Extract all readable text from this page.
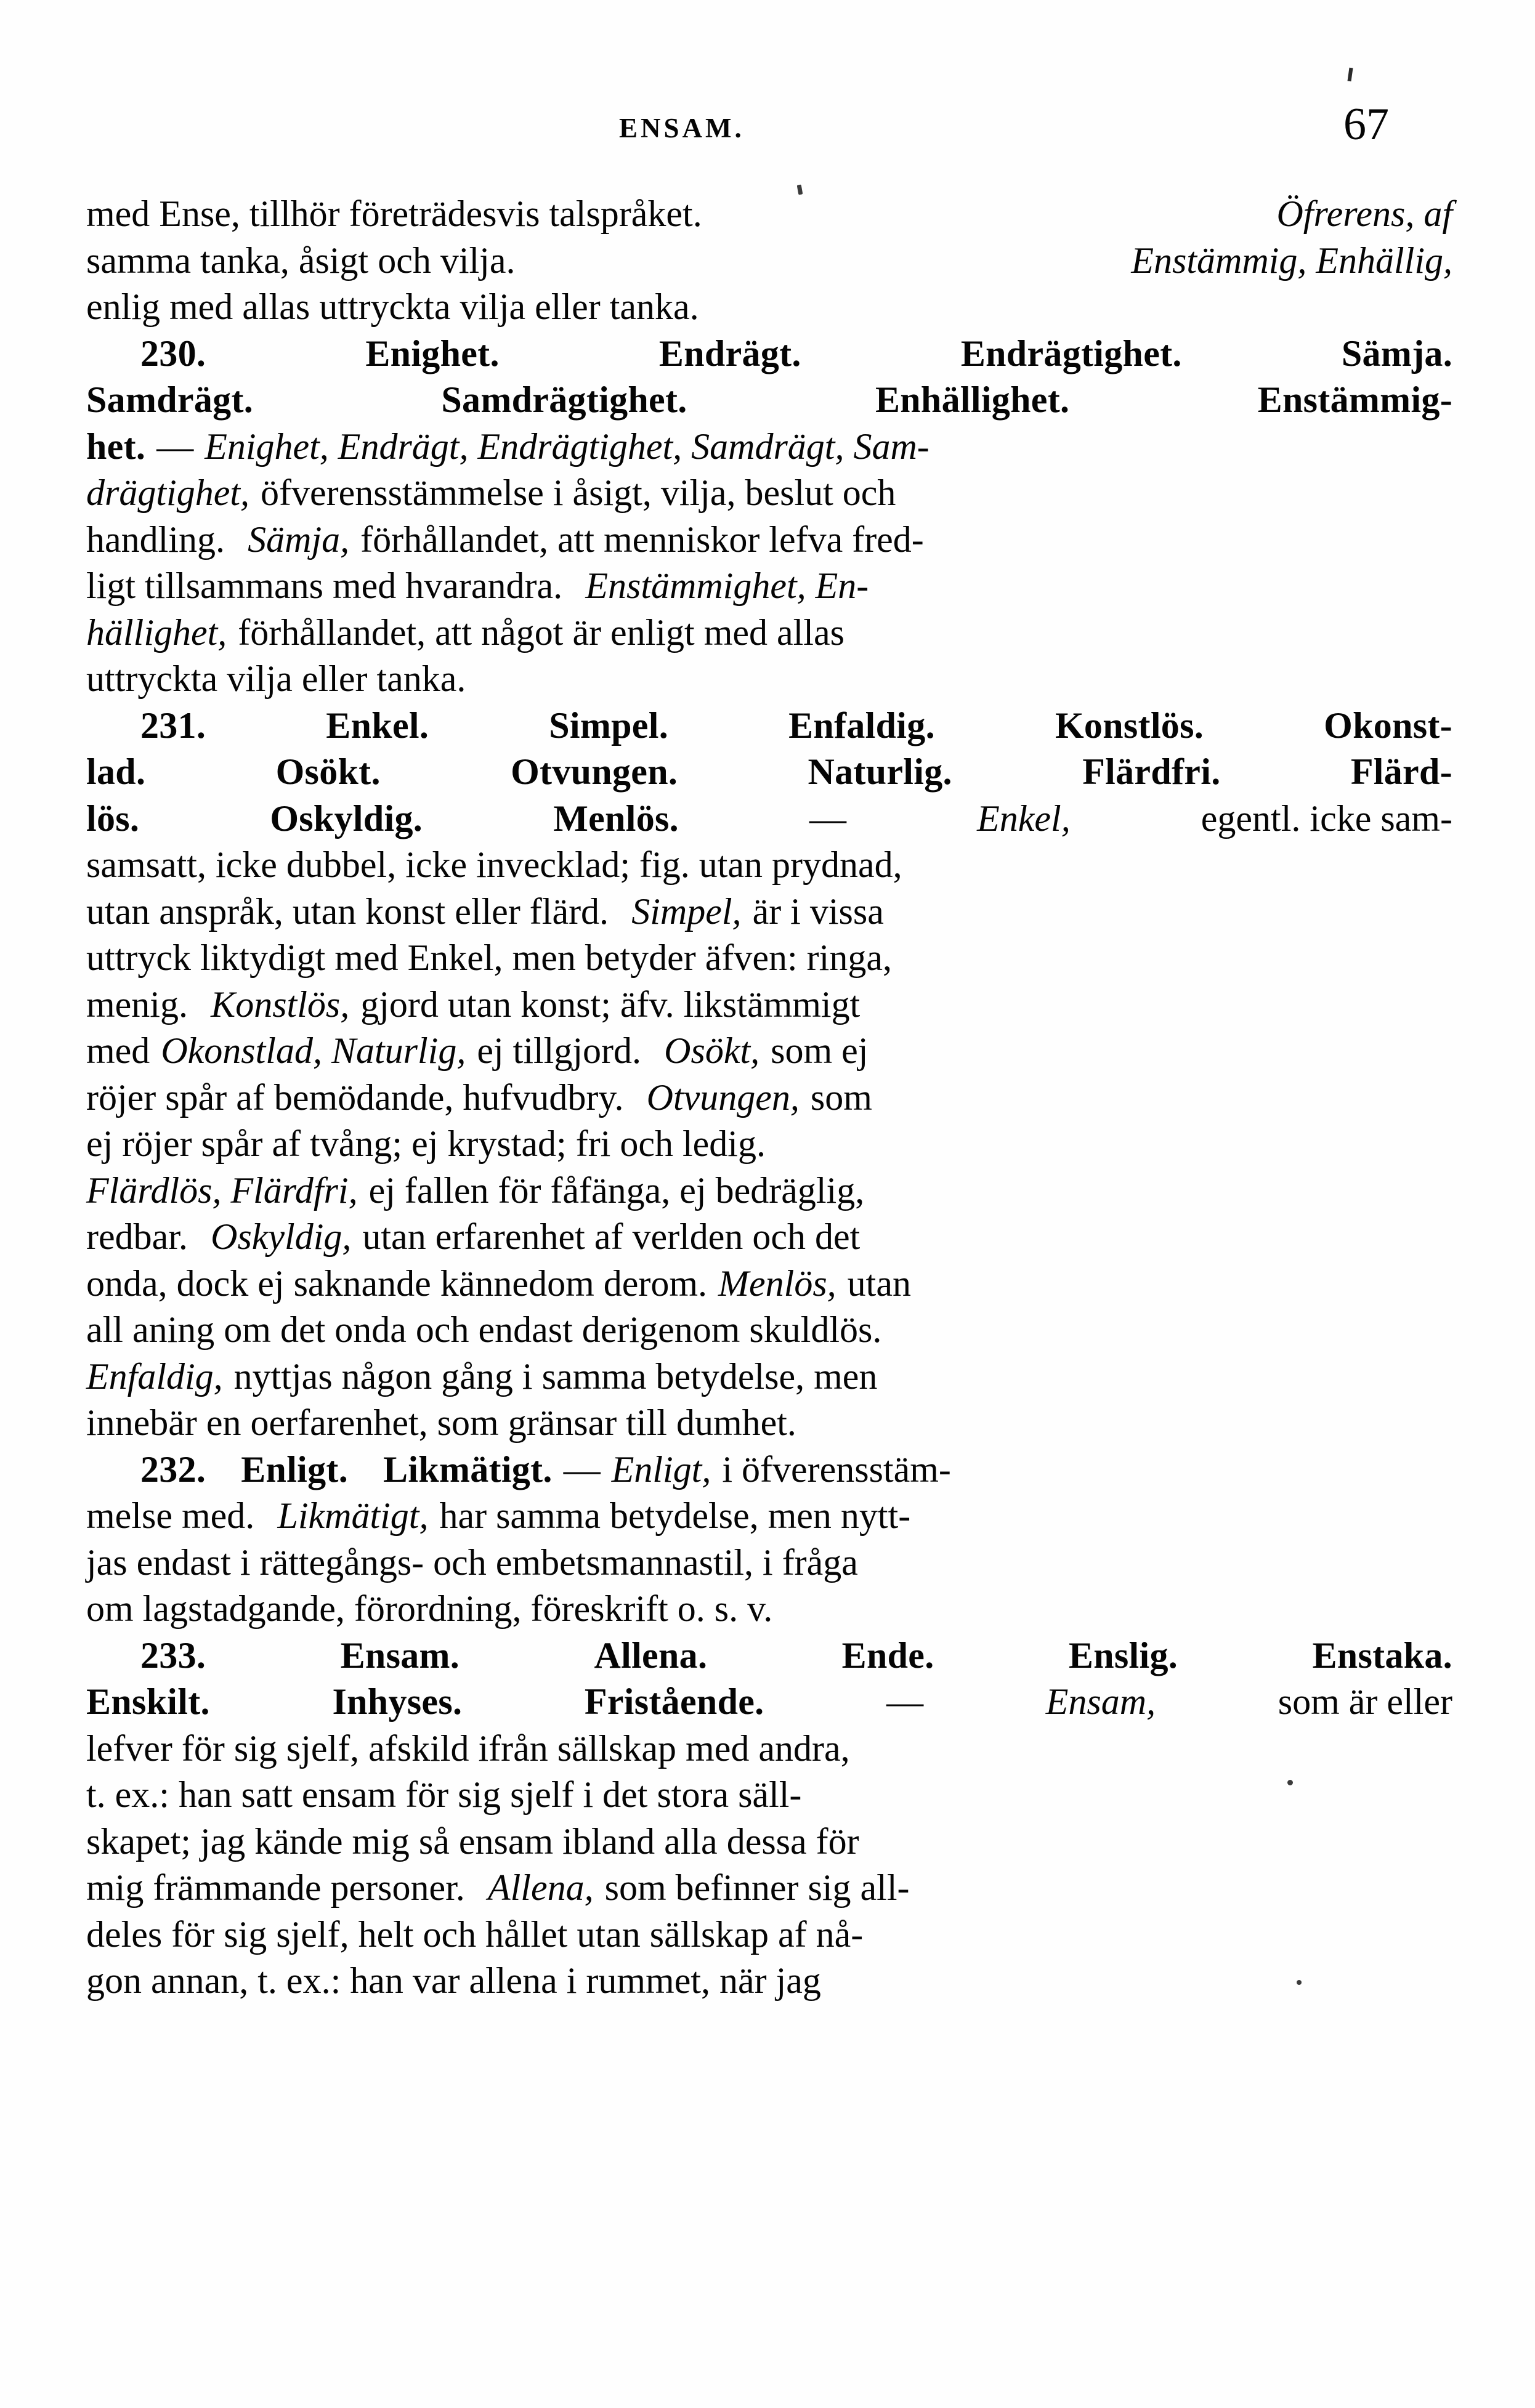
ENSAM.	67
med Ense, tillhör företrädesvis talspråket.	Öfrerens, af
samma tanka, åsigt och vilja.	Enstämmig, Enhällig,
enlig med allas uttryckta vilja eller tanka.
230.	Enighet.	Endrägt.	Endrägtighet.	Sämja.
Samdrägt.	Samdrägtighet.	Enhällighet.	Enstämmig-
het. — Enighet, Endrägt, Endrägtighet, Samdrägt, Sam-
drägtighet, öfverensstämmelse i åsigt, vilja, beslut och
handling. Sämja, förhållandet, att menniskor lefva fred-
ligt tillsammans med hvarandra. Enstämmighet, En-
hällighet, förhållandet, att något är enligt med allas
uttryckta vilja eller tanka.
231.	Enkel.	Simpel.	Enfaldig.	Konstlös.	Okonst-
lad.	Osökt.	Otvungen.	Naturlig.	Flärdfri.	Flärd-
lös.	Oskyldig.	Menlös.	—	Enkel,	egentl. icke sam-
samsatt, icke dubbel, icke invecklad; fig. utan prydnad,
utan anspråk, utan konst eller flärd. Simpel, är i vissa
uttryck liktydigt med Enkel, men betyder äfven: ringa,
menig. Konstlös, gjord utan konst; äfv. likstämmigt
med Okonstlad, Naturlig, ej tillgjord. Osökt, som ej
röjer spår af bemödande, hufvudbry. Otvungen, som
ej röjer spår af tvång; ej krystad; fri och ledig.
Flärdlös, Flärdfri, ej fallen för fåfänga, ej bedräglig,
redbar. Oskyldig, utan erfarenhet af verlden och det
onda, dock ej saknande kännedom derom. Menlös, utan
all aning om det onda och endast derigenom skuldlös.
Enfaldig, nyttjas någon gång i samma betydelse, men
innebär en oerfarenhet, som gränsar till dumhet.
232. Enligt. Likmätigt. — Enligt, i öfverensstäm-
melse med. Likmätigt, har samma betydelse, men nytt-
jas endast i rättegångs- och embetsmannastil, i fråga
om lagstadgande, förordning, föreskrift o. s. v.
233.	Ensam.	Allena.	Ende.	Enslig.	Enstaka.
Enskilt.	Inhyses.	Fristående.	—	Ensam,	som är eller
lefver för sig sjelf, afskild ifrån sällskap med andra,
t. ex.: han satt ensam för sig sjelf i det stora säll-
skapet; jag kände mig så ensam ibland alla dessa för
mig främmande personer. Allena, som befinner sig all-
deles för sig sjelf, helt och hållet utan sällskap af nå-
gon annan, t. ex.: han var allena i rummet, när jag
